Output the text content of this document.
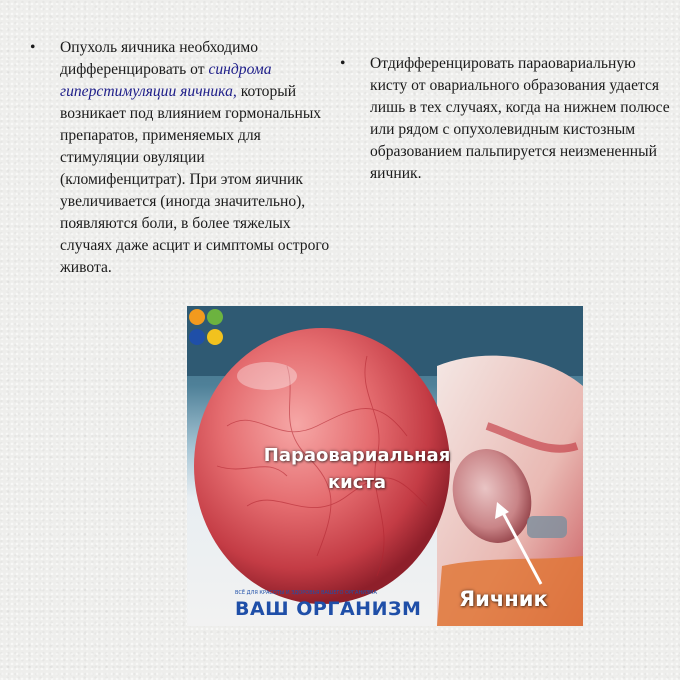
• Опухоль яичника необходимо дифференцировать от синдрома гиперстимуляции яичника, который возникает под влиянием гормональных препаратов, применяемых для стимуляции овуляции (кломифенцитрат). При этом яичник увеличивается (иногда значительно), появляются боли, в более тяжелых случаях даже асцит и симптомы острого живота.
• Отдифференцировать параовариальную кисту от овариального образования удается лишь в тех случаях, когда на нижнем полюсе или рядом с опухолевидным кистозным образованием пальпируется неизмененный яичник.
Параовариальная
киста
Яичник
ВСЁ ДЛЯ КРАСОТЫ И ЗДОРОВЬЯ ВАШЕГО ОРГАНИЗМА
ВАШ ОРГАНИЗМ
